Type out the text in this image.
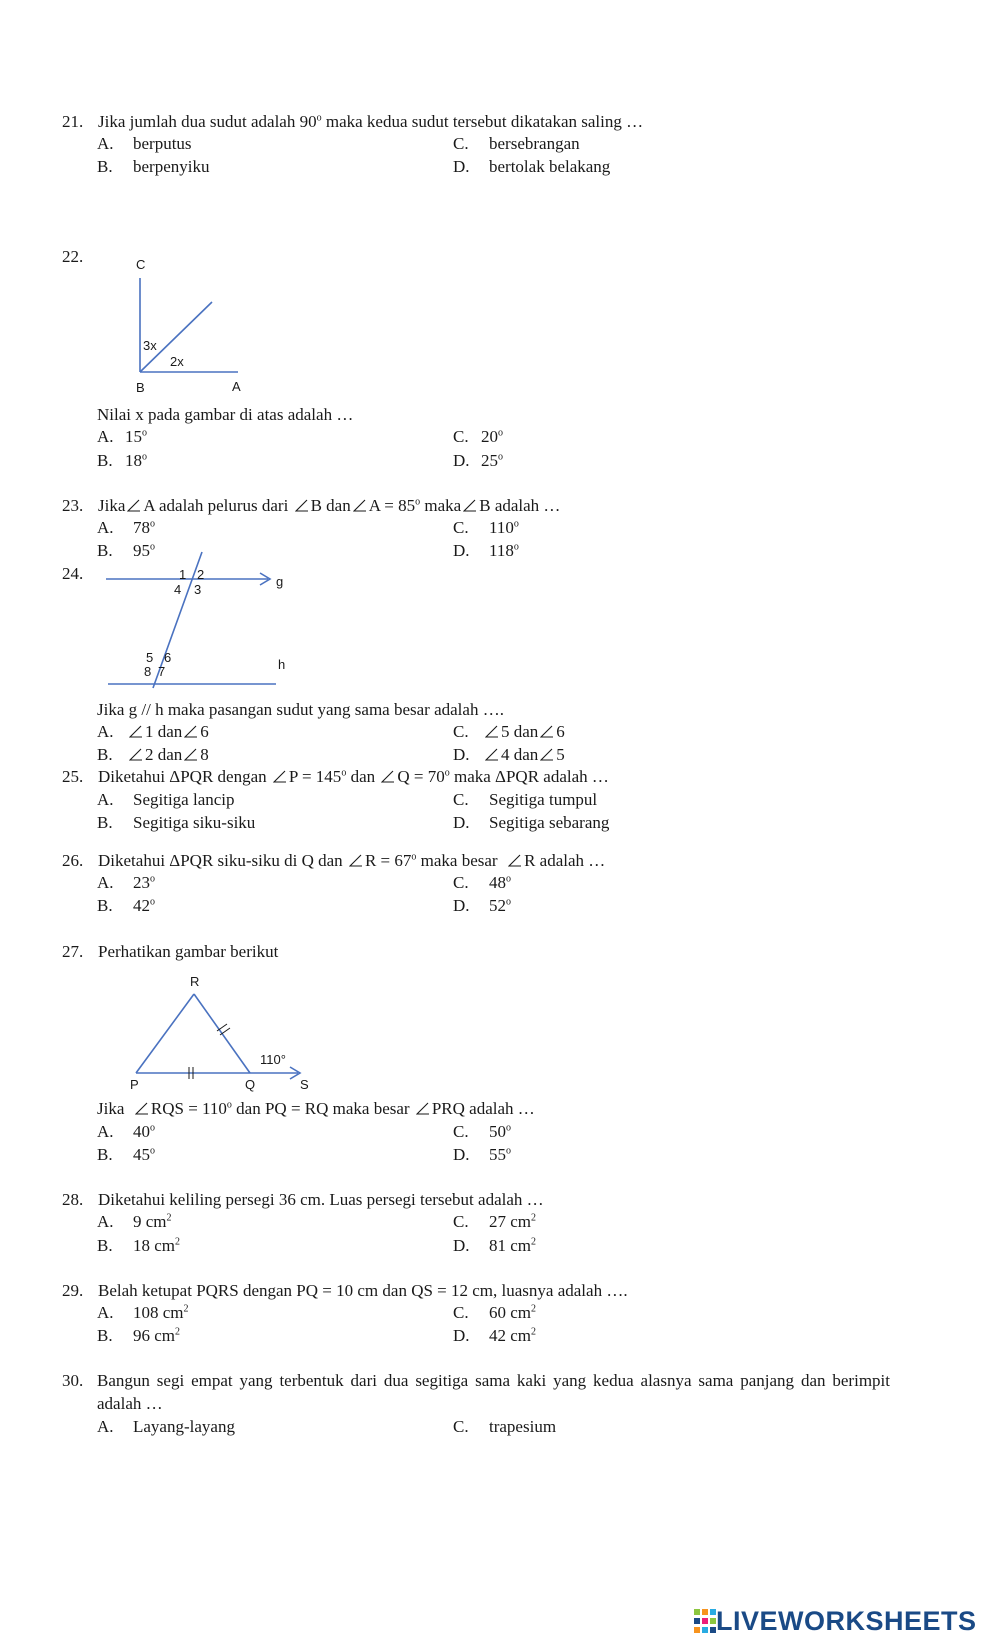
21. Jika jumlah dua sudut adalah 90$^o$ maka kedua sudut tersebut dikatakan saling …
A. berputus	C. bersebrangan
B. berpenyiku	D. bertolak belakang
22.	C
B	A
3x
2x
Nilai x pada gambar di atas adalah …
A. 15$^o$	C. 20$^o$
B. 18$^o$	D. 25$^o$
23. Jika A adalah pelurus dari B dan $A = 85^o$ maka B adalah …
A. 78$^o$	C. 110$^o$
B. 95$^o$	D. 118$^o$
24.	1 2
3
4
5 6
7
8
g
h
Jika g // h maka pasangan sudut yang sama besar adalah ….
A. 1 dan 6	C. 5 dan 6
B. 2 dan 8	D. 4 dan 5
25. Diketahui ΔPQR dengan $P = 145^o$ dan $Q = 70^o$ maka ΔPQR adalah …
A. Segitiga lancip	C. Segitiga tumpul
B. Segitiga siku-siku	D. Segitiga sebarang
26. Diketahui ΔPQR siku-siku di Q dan $R = 67^o$ maka besar R adalah …
A. 23$^o$	C. 48$^o$
B. 42$^o$	D. 52$^o$
27. Perhatikan gambar berikut
R
P	Q	S
110°
Jika RQS = $110^o$ dan PQ = RQ maka besar PRQ adalah …
A. 40$^o$	C. 50$^o$
B. 45$^o$	D. 55$^o$
28. Diketahui keliling persegi 36 cm. Luas persegi tersebut adalah …
A. 9 $cm^2$	C. 27 $cm^2$
B. 18 $cm^2$	D. 81 $cm^2$
29. Belah ketupat PQRS dengan PQ = 10 cm dan QS = 12 cm, luasnya adalah ….
A. 108 $cm^2$	C. 60 $cm^2$
B. 96 $cm^2$	D. 42 $cm^2$
30. Bangun segi empat yang terbentuk dari dua segitiga sama kaki yang kedua alasnya sama panjang dan berimpit
adalah …
A. Layang-layang	C. trapesium
LIVEWORKSHEETS
